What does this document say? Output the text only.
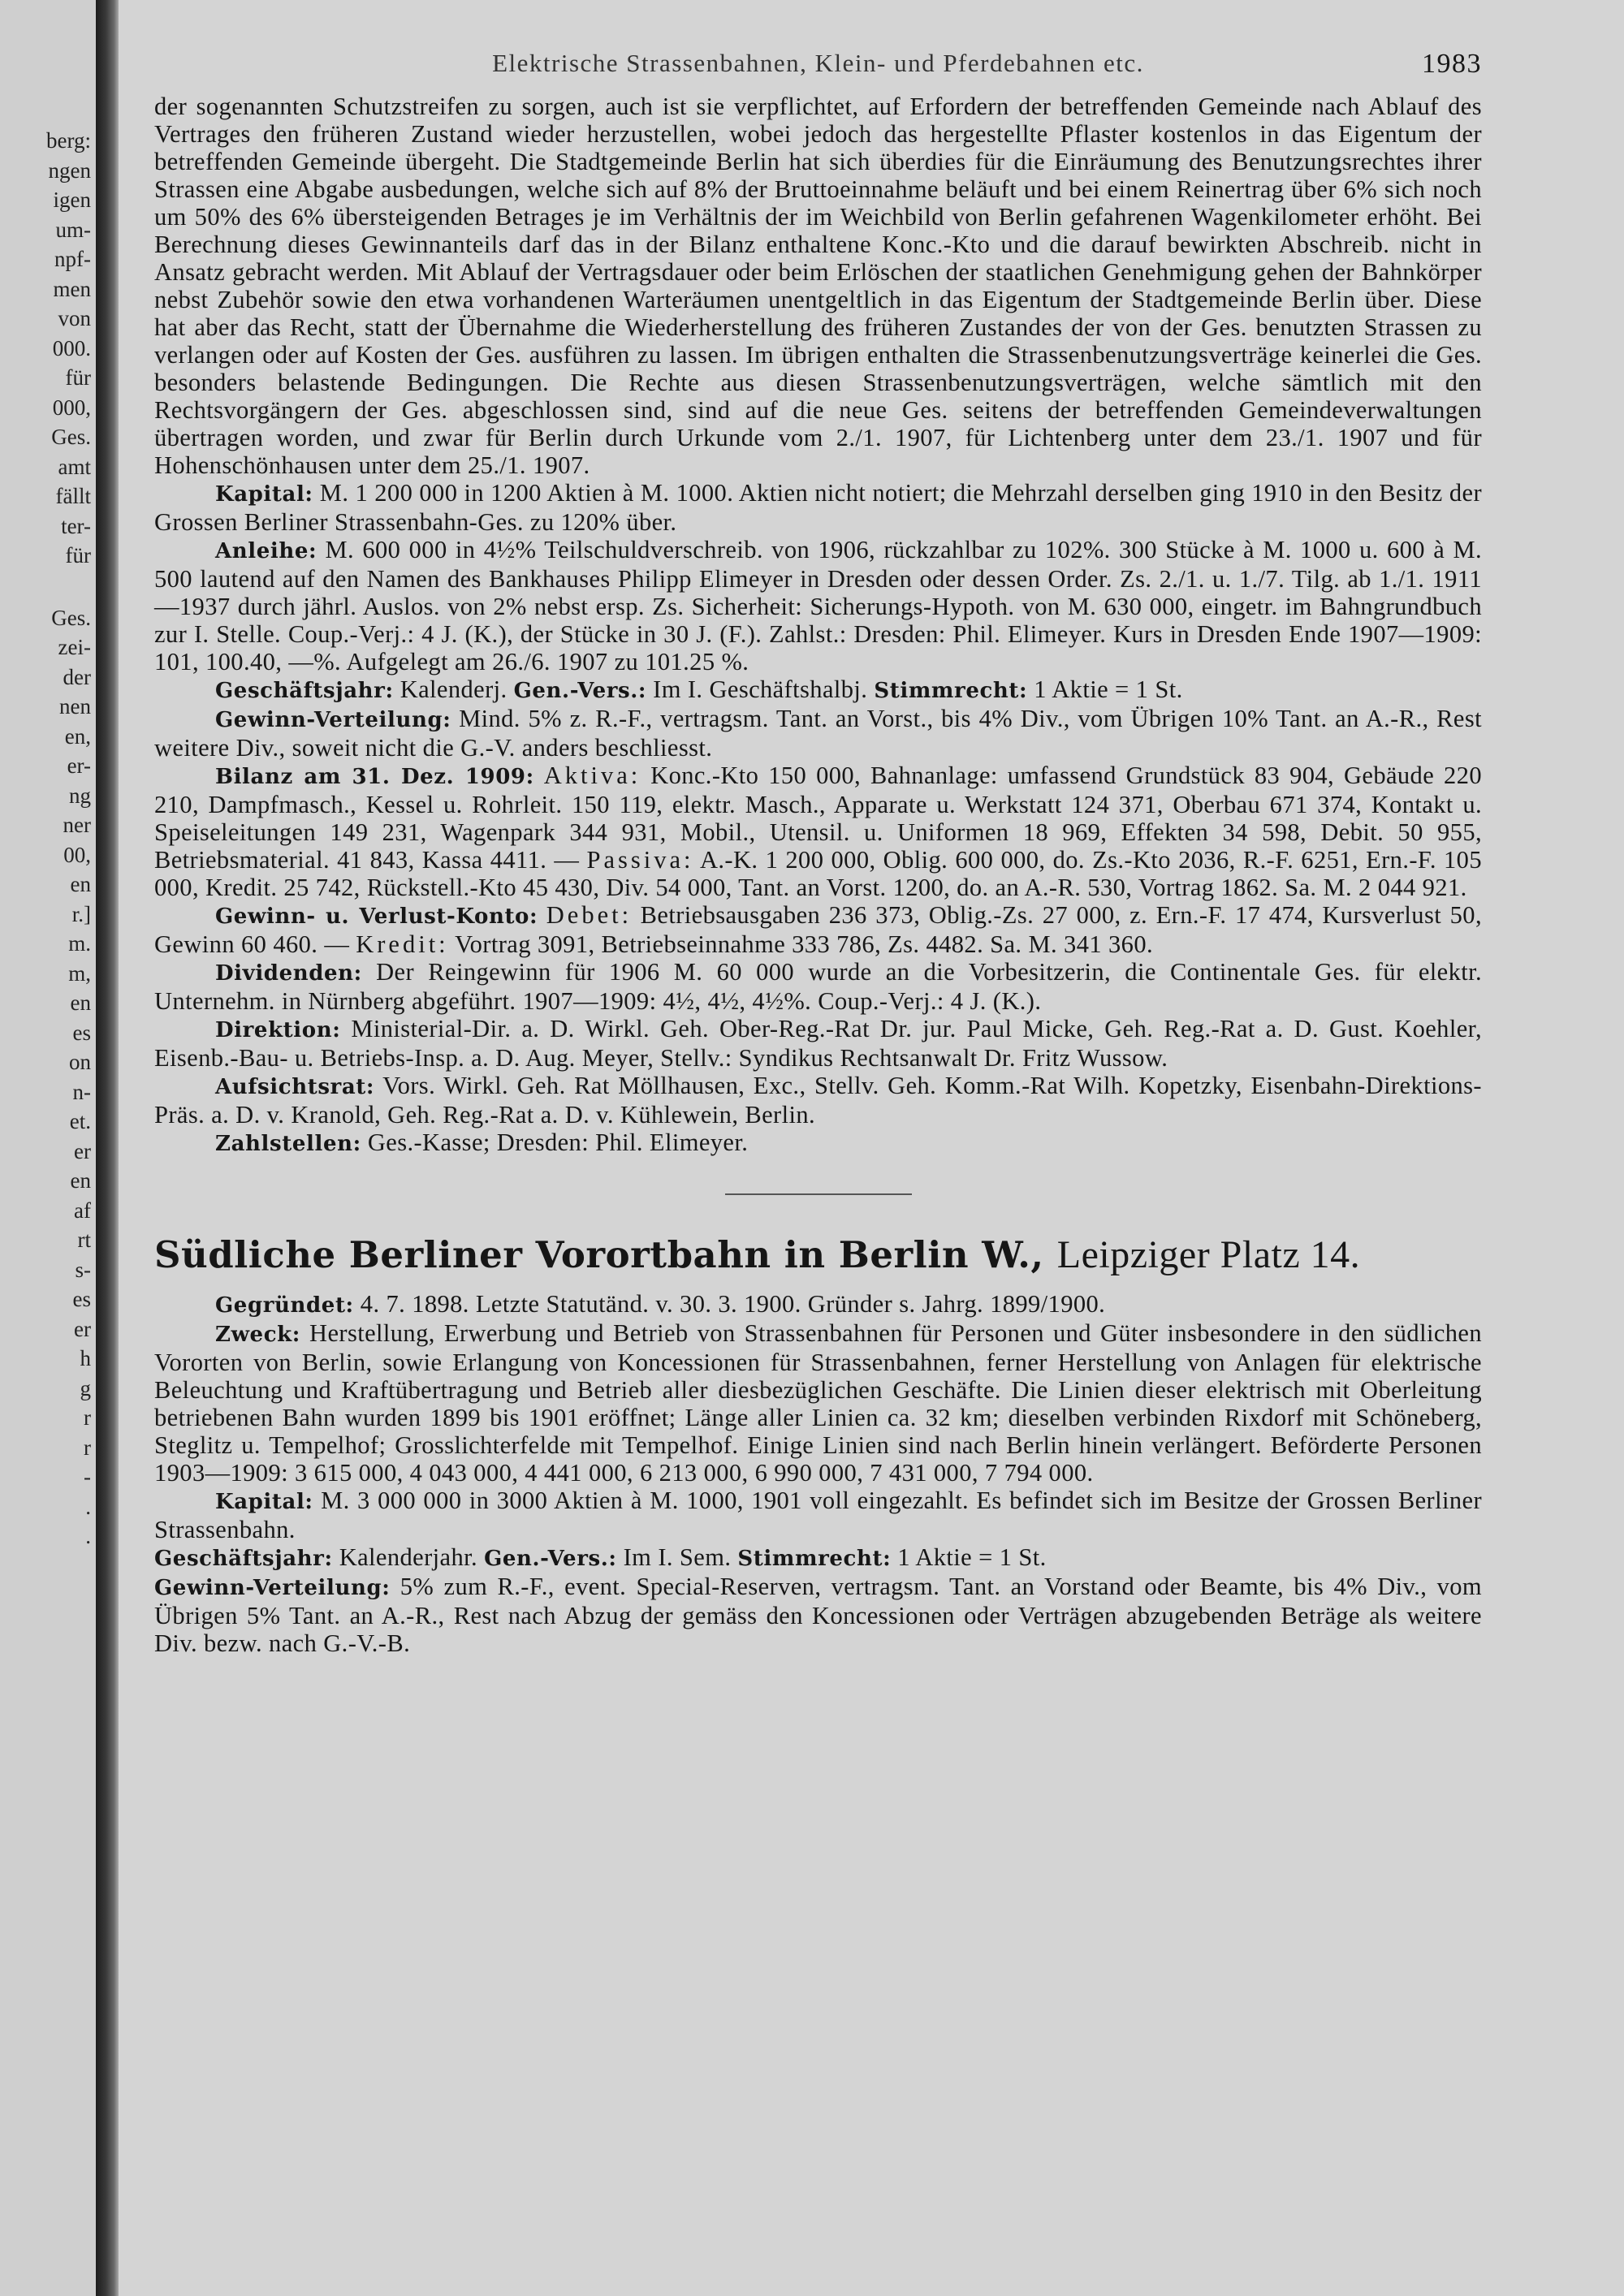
berg:
ngen
igen
um-
npf-
men
von
000.
für
000,
Ges.
amt
fällt
ter-
für
Ges.
zei-
der
nen
en,
er-
ng
ner
00,
en
r.]
m.
m,
en
es
on
n-
et.
er
en
af
rt
s-
es
er
h
g
r
r
-
.
.
Elektrische Strassenbahnen, Klein- und Pferdebahnen etc.	1983

der sogenannten Schutzstreifen zu sorgen, auch ist sie verpflichtet, auf Erfordern der betreffenden Gemeinde nach Ablauf des Vertrages den früheren Zustand wieder herzustellen, wobei jedoch das hergestellte Pflaster kostenlos in das Eigentum der betreffenden Gemeinde übergeht. Die Stadtgemeinde Berlin hat sich überdies für die Einräumung des Benutzungsrechtes ihrer Strassen eine Abgabe ausbedungen, welche sich auf 8% der Bruttoeinnahme beläuft und bei einem Reinertrag über 6% sich noch um 50% des 6% übersteigenden Betrages je im Verhältnis der im Weichbild von Berlin gefahrenen Wagenkilometer erhöht. Bei Berechnung dieses Gewinnanteils darf das in der Bilanz enthaltene Konc.-Kto und die darauf bewirkten Abschreib. nicht in Ansatz gebracht werden. Mit Ablauf der Vertragsdauer oder beim Erlöschen der staatlichen Genehmigung gehen der Bahnkörper nebst Zubehör sowie den etwa vorhandenen Warteräumen unentgeltlich in das Eigentum der Stadtgemeinde Berlin über. Diese hat aber das Recht, statt der Übernahme die Wiederherstellung des früheren Zustandes der von der Ges. benutzten Strassen zu verlangen oder auf Kosten der Ges. ausführen zu lassen. Im übrigen enthalten die Strassenbenutzungsverträge keinerlei die Ges. besonders belastende Bedingungen. Die Rechte aus diesen Strassenbenutzungsverträgen, welche sämtlich mit den Rechtsvorgängern der Ges. abgeschlossen sind, sind auf die neue Ges. seitens der betreffenden Gemeindeverwaltungen übertragen worden, und zwar für Berlin durch Urkunde vom 2./1. 1907, für Lichtenberg unter dem 23./1. 1907 und für Hohenschönhausen unter dem 25./1. 1907.

Kapital: M. 1 200 000 in 1200 Aktien à M. 1000. Aktien nicht notiert; die Mehrzahl derselben ging 1910 in den Besitz der Grossen Berliner Strassenbahn-Ges. zu 120% über.

Anleihe: M. 600 000 in 4½% Teilschuldverschreib. von 1906, rückzahlbar zu 102%. 300 Stücke à M. 1000 u. 600 à M. 500 lautend auf den Namen des Bankhauses Philipp Elimeyer in Dresden oder dessen Order. Zs. 2./1. u. 1./7. Tilg. ab 1./1. 1911—1937 durch jährl. Auslos. von 2% nebst ersp. Zs. Sicherheit: Sicherungs-Hypoth. von M. 630 000, eingetr. im Bahngrundbuch zur I. Stelle. Coup.-Verj.: 4 J. (K.), der Stücke in 30 J. (F.). Zahlst.: Dresden: Phil. Elimeyer. Kurs in Dresden Ende 1907—1909: 101, 100.40, —%. Aufgelegt am 26./6. 1907 zu 101.25 %.

Geschäftsjahr: Kalenderj. Gen.-Vers.: Im I. Geschäftshalbj. Stimmrecht: 1 Aktie = 1 St.

Gewinn-Verteilung: Mind. 5% z. R.-F., vertragsm. Tant. an Vorst., bis 4% Div., vom Übrigen 10% Tant. an A.-R., Rest weitere Div., soweit nicht die G.-V. anders beschliesst.

Bilanz am 31. Dez. 1909: Aktiva: Konc.-Kto 150 000, Bahnanlage: umfassend Grundstück 83 904, Gebäude 220 210, Dampfmasch., Kessel u. Rohrleit. 150 119, elektr. Masch., Apparate u. Werkstatt 124 371, Oberbau 671 374, Kontakt u. Speiseleitungen 149 231, Wagenpark 344 931, Mobil., Utensil. u. Uniformen 18 969, Effekten 34 598, Debit. 50 955, Betriebsmaterial. 41 843, Kassa 4411. — Passiva: A.-K. 1 200 000, Oblig. 600 000, do. Zs.-Kto 2036, R.-F. 6251, Ern.-F. 105 000, Kredit. 25 742, Rückstell.-Kto 45 430, Div. 54 000, Tant. an Vorst. 1200, do. an A.-R. 530, Vortrag 1862. Sa. M. 2 044 921.

Gewinn- u. Verlust-Konto: Debet: Betriebsausgaben 236 373, Oblig.-Zs. 27 000, z. Ern.-F. 17 474, Kursverlust 50, Gewinn 60 460. — Kredit: Vortrag 3091, Betriebseinnahme 333 786, Zs. 4482. Sa. M. 341 360.

Dividenden: Der Reingewinn für 1906 M. 60 000 wurde an die Vorbesitzerin, die Continentale Ges. für elektr. Unternehm. in Nürnberg abgeführt. 1907—1909: 4½, 4½, 4½%. Coup.-Verj.: 4 J. (K.).

Direktion: Ministerial-Dir. a. D. Wirkl. Geh. Ober-Reg.-Rat Dr. jur. Paul Micke, Geh. Reg.-Rat a. D. Gust. Koehler, Eisenb.-Bau- u. Betriebs-Insp. a. D. Aug. Meyer, Stellv.: Syndikus Rechtsanwalt Dr. Fritz Wussow.

Aufsichtsrat: Vors. Wirkl. Geh. Rat Möllhausen, Exc., Stellv. Geh. Komm.-Rat Wilh. Kopetzky, Eisenbahn-Direktions-Präs. a. D. v. Kranold, Geh. Reg.-Rat a. D. v. Kühlewein, Berlin.

Zahlstellen: Ges.-Kasse; Dresden: Phil. Elimeyer.

Südliche Berliner Vorortbahn in Berlin W., Leipziger Platz 14.

Gegründet: 4. 7. 1898. Letzte Statutänd. v. 30. 3. 1900. Gründer s. Jahrg. 1899/1900.

Zweck: Herstellung, Erwerbung und Betrieb von Strassenbahnen für Personen und Güter insbesondere in den südlichen Vororten von Berlin, sowie Erlangung von Koncessionen für Strassenbahnen, ferner Herstellung von Anlagen für elektrische Beleuchtung und Kraftübertragung und Betrieb aller diesbezüglichen Geschäfte. Die Linien dieser elektrisch mit Oberleitung betriebenen Bahn wurden 1899 bis 1901 eröffnet; Länge aller Linien ca. 32 km; dieselben verbinden Rixdorf mit Schöneberg, Steglitz u. Tempelhof; Grosslichterfelde mit Tempelhof. Einige Linien sind nach Berlin hinein verlängert. Beförderte Personen 1903—1909: 3 615 000, 4 043 000, 4 441 000, 6 213 000, 6 990 000, 7 431 000, 7 794 000.

Kapital: M. 3 000 000 in 3000 Aktien à M. 1000, 1901 voll eingezahlt. Es befindet sich im Besitze der Grossen Berliner Strassenbahn.

Geschäftsjahr: Kalenderjahr. Gen.-Vers.: Im I. Sem. Stimmrecht: 1 Aktie = 1 St.

Gewinn-Verteilung: 5% zum R.-F., event. Special-Reserven, vertragsm. Tant. an Vorstand oder Beamte, bis 4% Div., vom Übrigen 5% Tant. an A.-R., Rest nach Abzug der gemäss den Koncessionen oder Verträgen abzugebenden Beträge als weitere Div. bezw. nach G.-V.-B.
